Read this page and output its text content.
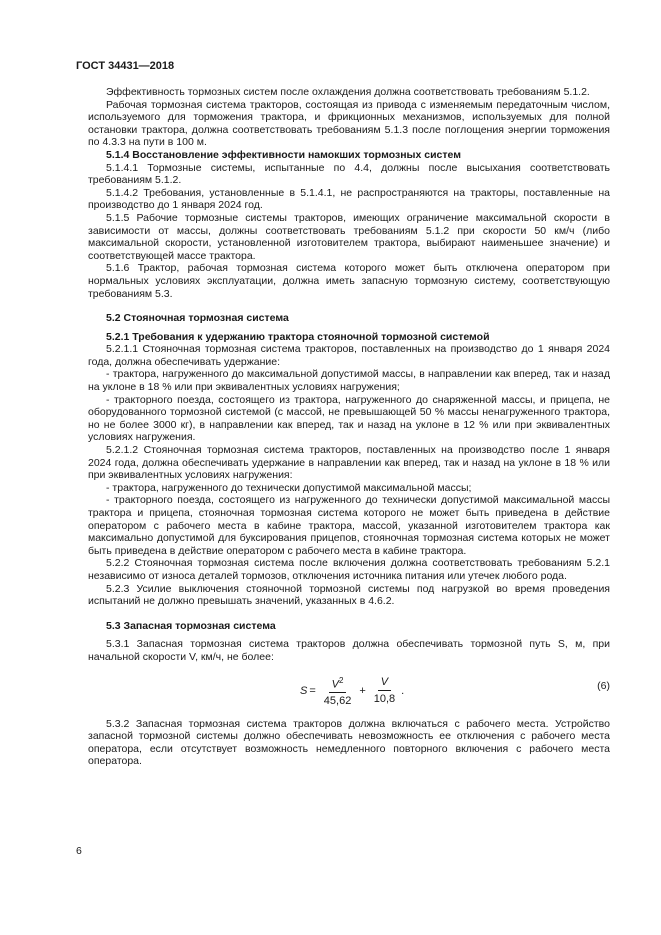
ГОСТ 34431—2018

Эффективность тормозных систем после охлаждения должна соответствовать требованиям 5.1.2.

Рабочая тормозная система тракторов, состоящая из привода с изменяемым передаточным числом, используемого для торможения трактора, и фрикционных механизмов, используемых для полной остановки трактора, должна соответствовать требованиям 5.1.3 после поглощения энергии торможения по 4.3.3 на пути в 100 м.

5.1.4 Восстановление эффективности намокших тормозных систем

5.1.4.1 Тормозные системы, испытанные по 4.4, должны после высыхания соответствовать требованиям 5.1.2.

5.1.4.2 Требования, установленные в 5.1.4.1, не распространяются на тракторы, поставленные на производство до 1 января 2024 год.

5.1.5 Рабочие тормозные системы тракторов, имеющих ограничение максимальной скорости в зависимости от массы, должны соответствовать требованиям 5.1.2 при скорости 50 км/ч (либо максимальной скорости, установленной изготовителем трактора, выбирают наименьшее значение) и соответствующей массе трактора.

5.1.6 Трактор, рабочая тормозная система которого может быть отключена оператором при нормальных условиях эксплуатации, должна иметь запасную тормозную систему, соответствующую требованиям 5.3.

5.2 Стояночная тормозная система

5.2.1 Требования к удержанию трактора стояночной тормозной системой

5.2.1.1 Стояночная тормозная система тракторов, поставленных на производство до 1 января 2024 года, должна обеспечивать удержание:

- трактора, нагруженного до максимальной допустимой массы, в направлении как вперед, так и назад на уклоне в 18 % или при эквивалентных условиях нагружения;

- тракторного поезда, состоящего из трактора, нагруженного до снаряженной массы, и прицепа, не оборудованного тормозной системой (с массой, не превышающей 50 % массы ненагруженного трактора, но не более 3000 кг), в направлении как вперед, так и назад на уклоне в 12 % или при эквивалентных условиях нагружения.

5.2.1.2 Стояночная тормозная система тракторов, поставленных на производство после 1 января 2024 года, должна обеспечивать удержание в направлении как вперед, так и назад на уклоне в 18 % или при эквивалентных условиях нагружения:

- трактора, нагруженного до технически допустимой максимальной массы;

- тракторного поезда, состоящего из нагруженного до технически допустимой максимальной массы трактора и прицепа, стояночная тормозная система которого не может быть приведена в действие оператором с рабочего места в кабине трактора, массой, указанной изготовителем трактора как максимально допустимой для буксирования прицепов, стояночная тормозная система которых не может быть приведена в действие оператором с рабочего места в кабине трактора.

5.2.2 Стояночная тормозная система после включения должна соответствовать требованиям 5.2.1 независимо от износа деталей тормозов, отключения источника питания или утечек любого рода.

5.2.3 Усилие выключения стояночной тормозной системы под нагрузкой во время проведения испытаний не должно превышать значений, указанных в 4.6.2.

5.3 Запасная тормозная система

5.3.1 Запасная тормозная система тракторов должна обеспечивать тормозной путь S, м, при начальной скорости V, км/ч, не более:

$S = \frac{V^2}{45,62} + \frac{V}{10,8}$ .	(6)

5.3.2 Запасная тормозная система тракторов должна включаться с рабочего места. Устройство запасной тормозной системы должно обеспечивать невозможность ее отключения с рабочего места оператора, если отсутствует возможность немедленного повторного включения с рабочего места оператора.

6
